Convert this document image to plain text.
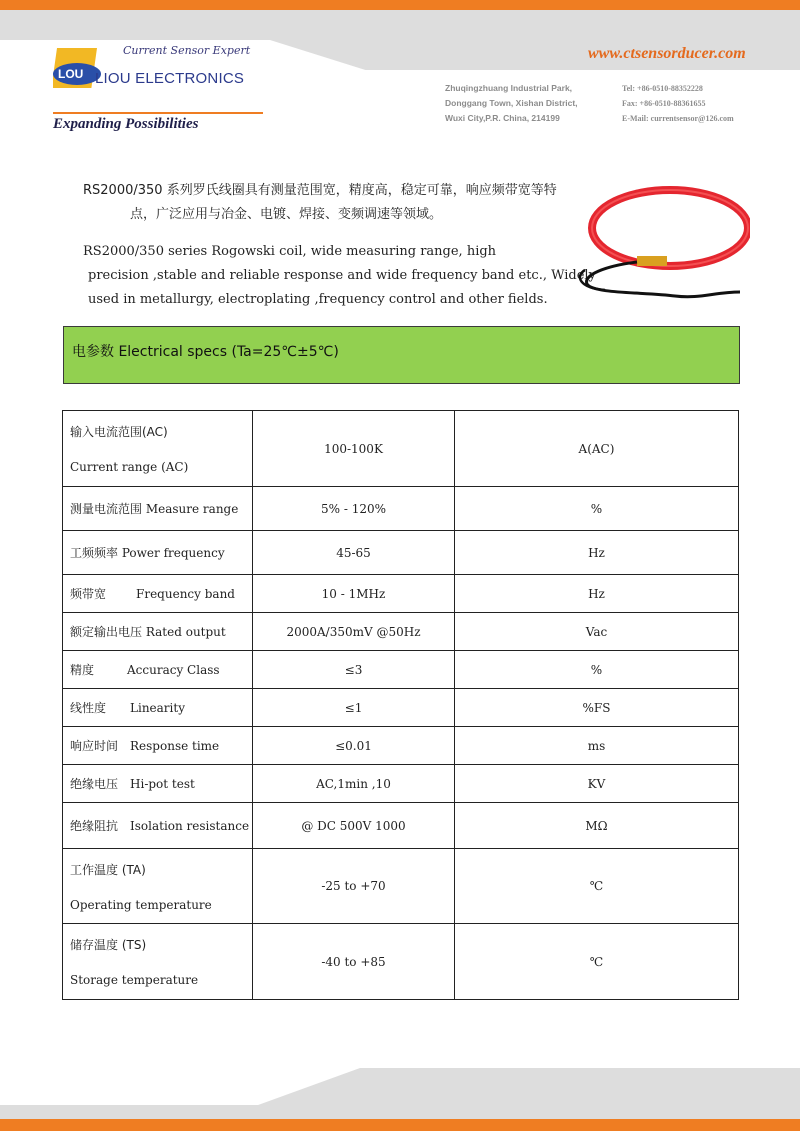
LOU
Current Sensor Expert
LIOU ELECTRONICS
Expanding Possibilities
www.ctsensorducer.com
Zhuqingzhuang Industrial Park,
Donggang Town, Xishan District,
Wuxi City,P.R. China, 214199
Tel: +86-0510-88352228
Fax: +86-0510-88361655
E-Mail: currentsensor@126.com
RS2000/350 系列罗氏线圈具有测量范围宽，精度高，稳定可靠，响应频带宽等特
点，广泛应用与冶金、电镀、焊接、变频调速等领域。
RS2000/350 series Rogowski coil, wide measuring range, high
precision ,stable and reliable response and wide frequency band etc., Widely
used in metallurgy, electroplating ,frequency control and other fields.
电参数 Electrical specs (Ta=25℃±5℃)
输入电流范围(AC)
Current range (AC)	100-100K	A(AC)
测量电流范围 Measure range	5% - 120%	%
工频频率 Power frequency	45-65	Hz
频带宽 Frequency band	10 - 1MHz	Hz
额定输出电压 Rated output	2000A/350mV @50Hz	Vac
精度 Accuracy Class	≤3	%
线性度 Linearity	≤1	%FS
响应时间 Response time	≤0.01	ms
绝缘电压 Hi-pot test	AC,1min ,10	KV
绝缘阻抗 Isolation resistance	@ DC 500V 1000	MΩ

工作温度 (TA)
Operating temperature	-25 to +70	℃

储存温度 (TS)
Storage temperature	-40 to +85	℃
